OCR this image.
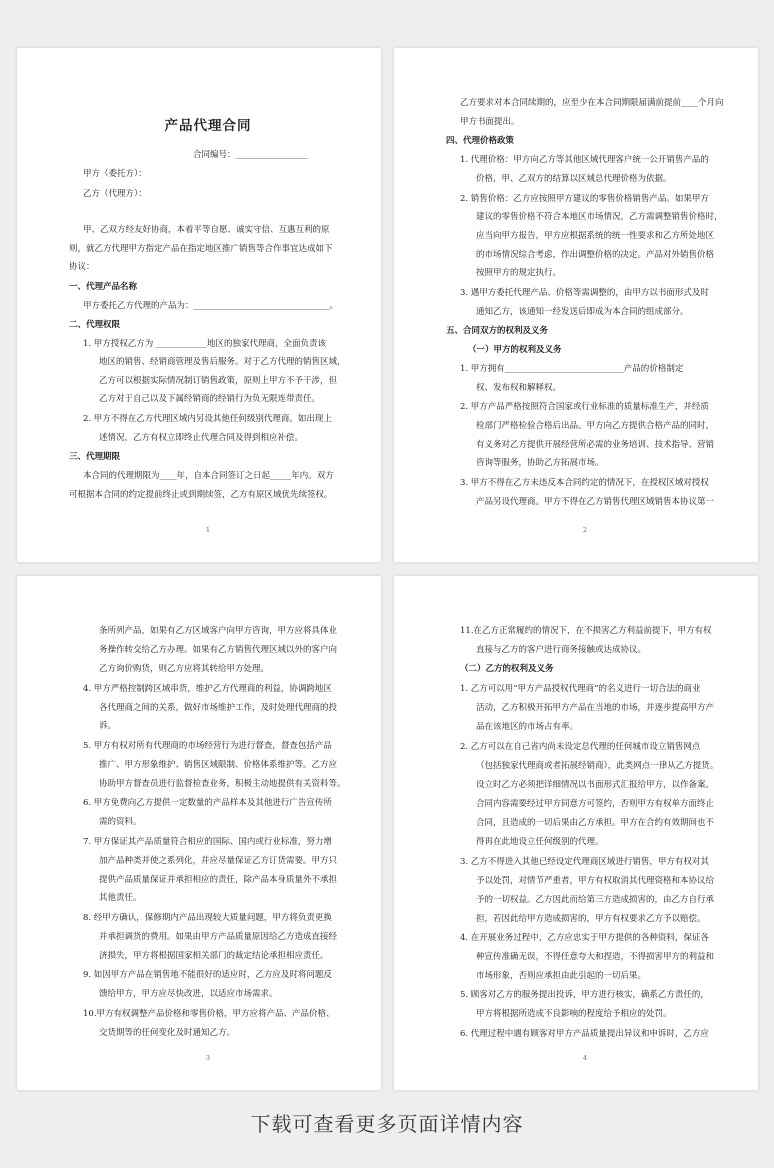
产品代理合同
合同编号：_________________
甲方（委托方）：
乙方（代理方）：
甲、乙双方经友好协商，本着平等自愿、诚实守信、互惠互利的原
则，就乙方代理甲方指定产品在指定地区推广销售等合作事宜达成如下
协议：
一、代理产品名称
甲方委托乙方代理的产品为：________________________________。
二、代理权限
1. 甲方授权乙方为 ____________地区的独家代理商，全面负责该
地区的销售、经销商管理及售后服务。对于乙方代理的销售区域，
乙方可以根据实际情况制订销售政策，原则上甲方不予干涉，但
乙方对于自己以及下属经销商的经销行为负无限连带责任。
2. 甲方不得在乙方代理区域内另设其他任何级别代理商。如出现上
述情况，乙方有权立即终止代理合同及得到相应补偿。
三、代理期限
本合同的代理期限为____年，自本合同签订之日起_____年内。双方
可根据本合同的约定提前终止或到期续签，乙方有原区域优先续签权。
1
乙方要求对本合同续期的，应至少在本合同期限届满前提前____个月向
甲方书面提出。
四、代理价格政策
1. 代理价格：甲方向乙方等其他区域代理客户统一公开销售产品的
价格，甲、乙双方的结算以区域总代理价格为依据。
2. 销售价格：乙方应按照甲方建议的零售价格销售产品。如果甲方
建议的零售价格不符合本地区市场情况，乙方需调整销售价格时，
应当向甲方报告，甲方应根据系统的统一性要求和乙方所处地区
的市场情况综合考虑，作出调整价格的决定。产品对外销售价格
按照甲方的规定执行。
3. 遇甲方委托代理产品、价格等需调整的，由甲方以书面形式及时
通知乙方，该通知一经发送后即成为本合同的组成部分。
五、合同双方的权利及义务
（一）甲方的权利及义务
1. 甲方拥有____________________________产品的价格制定
权、发布权和解释权。
2. 甲方产品严格按照符合国家或行业标准的质量标准生产，并经质
检部门严格检验合格后出品。甲方向乙方提供合格产品的同时，
有义务对乙方提供开展经营所必需的业务培训、技术指导、营销
咨询等服务，协助乙方拓展市场。
3. 甲方不得在乙方未违反本合同约定的情况下，在授权区域对授权
产品另设代理商。甲方不得在乙方销售代理区域销售本协议第一
2
条所列产品，如果有乙方区域客户向甲方咨询，甲方应将具体业
务操作转交给乙方办理。如果有乙方销售代理区域以外的客户向
乙方询价购货，则乙方应将其转给甲方处理。
4. 甲方严格控制跨区域串货，维护乙方代理商的利益，协调跨地区
各代理商之间的关系，做好市场维护工作，及时处理代理商的投
诉。
5. 甲方有权对所有代理商的市场经营行为进行督查，督查包括产品
推广、甲方形象维护、销售区域限制、价格体系维护等。乙方应
协助甲方督查员进行监督检查业务，积极主动地提供有关资料等。
6. 甲方免费向乙方提供一定数量的产品样本及其他进行广告宣传所
需的资料。
7. 甲方保证其产品质量符合相应的国际、国内或行业标准，努力增
加产品种类并使之系列化，并应尽量保证乙方订货需要。甲方只
提供产品质量保证并承担相应的责任，除产品本身质量外不承担
其他责任。
8. 经甲方确认，保修期内产品出现较大质量问题，甲方将负责更换
并承担调货的费用。如果由甲方产品质量原因给乙方造成直接经
济损失，甲方将根据国家相关部门的裁定结论承担相应责任。
9. 如因甲方产品在销售地不能很好的适应时，乙方应及时将问题反
馈给甲方，甲方应尽快改进，以适应市场需求。
10.甲方有权调整产品价格和零售价格，甲方应将产品、产品价格、
交货期等的任何变化及时通知乙方。
3
11.在乙方正常履约的情况下，在不损害乙方利益前提下，甲方有权
直接与乙方的客户进行商务接触或达成协议。
（二）乙方的权利及义务
1. 乙方可以用“甲方产品授权代理商”的名义进行一切合法的商业
活动，乙方积极开拓甲方产品在当地的市场，并逐步提高甲方产
品在该地区的市场占有率。
2. 乙方可以在自己省内尚未设定总代理的任何城市设立销售网点
（包括独家代理商或者拓展经销商），此类网点一律从乙方提货。
设立时乙方必须把详细情况以书面形式汇报给甲方，以作备案。
合同内容需要经过甲方同意方可签约，否则甲方有权单方面终止
合同，且造成的一切后果由乙方承担。甲方在合约有效期间也不
得再在此地设立任何级别的代理。
3. 乙方不得进入其他已经设定代理商区域进行销售，甲方有权对其
予以处罚，对情节严重者，甲方有权取消其代理资格和本协议给
予的一切权益。乙方因此而给第三方造成损害的，由乙方自行承
担，若因此给甲方造成损害的，甲方有权要求乙方予以赔偿。
4. 在开展业务过程中，乙方应忠实于甲方提供的各种资料，保证各
种宣传准确无误，不得任意夸大和捏造，不得损害甲方的利益和
市场形象，否则应承担由此引起的一切后果。
5. 顾客对乙方的服务提出投诉，甲方进行核实，确系乙方责任的，
甲方将根据所造成不良影响的程度给予相应的处罚。
6. 代理过程中遇有顾客对甲方产品质量提出异议和申诉时，乙方应
4
下载可查看更多页面详情内容
